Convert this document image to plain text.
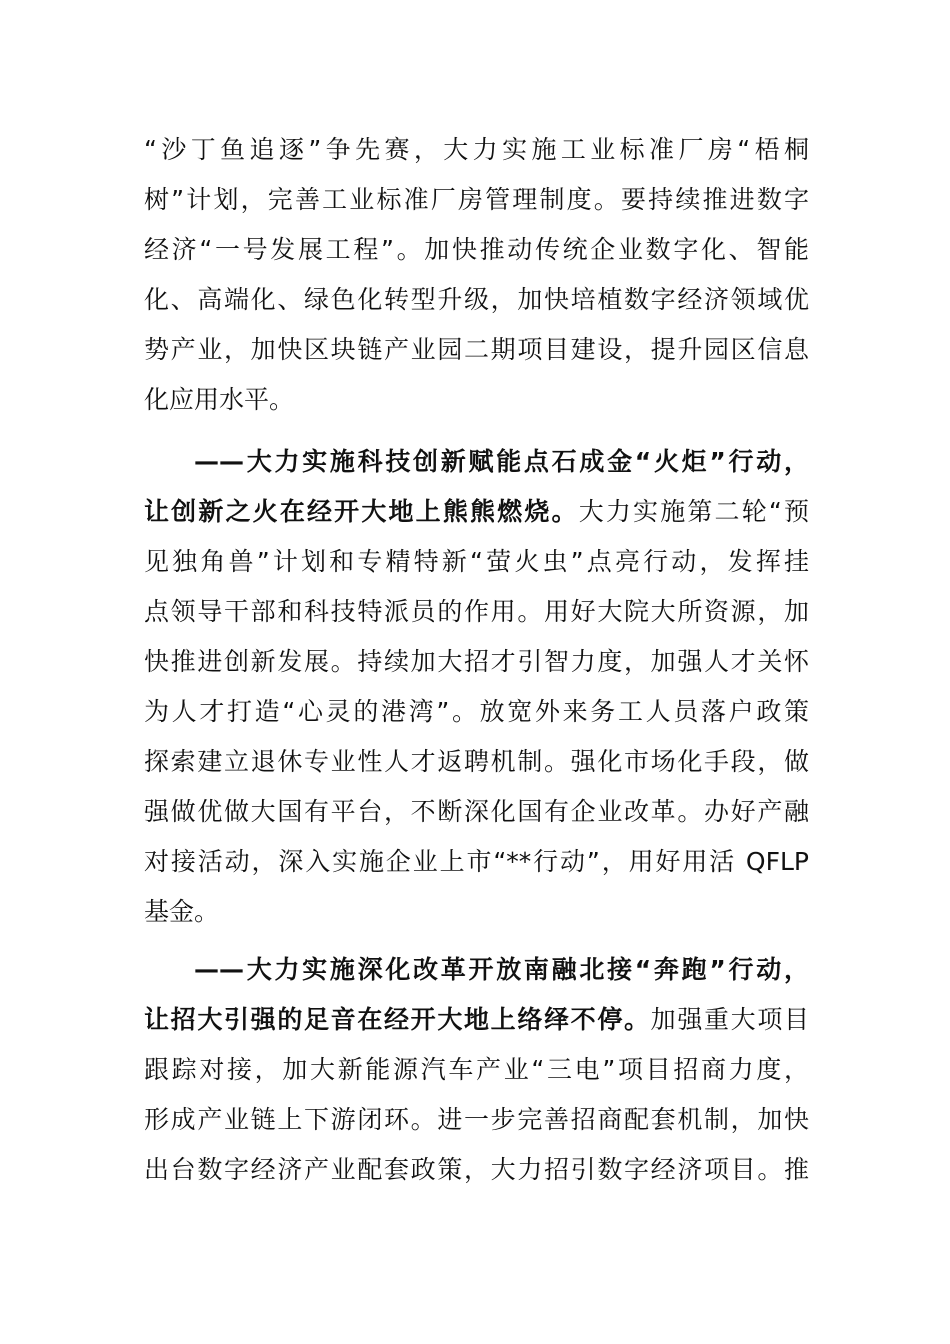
“沙丁鱼追逐”争先赛，大力实施工业标准厂房“梧桐
树”计划，完善工业标准厂房管理制度。要持续推进数字
经济“一号发展工程”。加快推动传统企业数字化、智能
化、高端化、绿色化转型升级，加快培植数字经济领域优
势产业，加快区块链产业园二期项目建设，提升园区信息
化应用水平。
——大力实施科技创新赋能点石成金“火炬”行动，
让创新之火在经开大地上熊熊燃烧。大力实施第二轮“预
见独角兽”计划和专精特新“萤火虫”点亮行动，发挥挂
点领导干部和科技特派员的作用。用好大院大所资源，加
快推进创新发展。持续加大招才引智力度，加强人才关怀
为人才打造“心灵的港湾”。放宽外来务工人员落户政策
探索建立退休专业性人才返聘机制。强化市场化手段，做
强做优做大国有平台，不断深化国有企业改革。办好产融
对接活动，深入实施企业上市“**行动”，用好用活 QFLP
基金。
——大力实施深化改革开放南融北接“奔跑”行动，
让招大引强的足音在经开大地上络绎不停。加强重大项目
跟踪对接，加大新能源汽车产业“三电”项目招商力度，
形成产业链上下游闭环。进一步完善招商配套机制，加快
出台数字经济产业配套政策，大力招引数字经济项目。推
